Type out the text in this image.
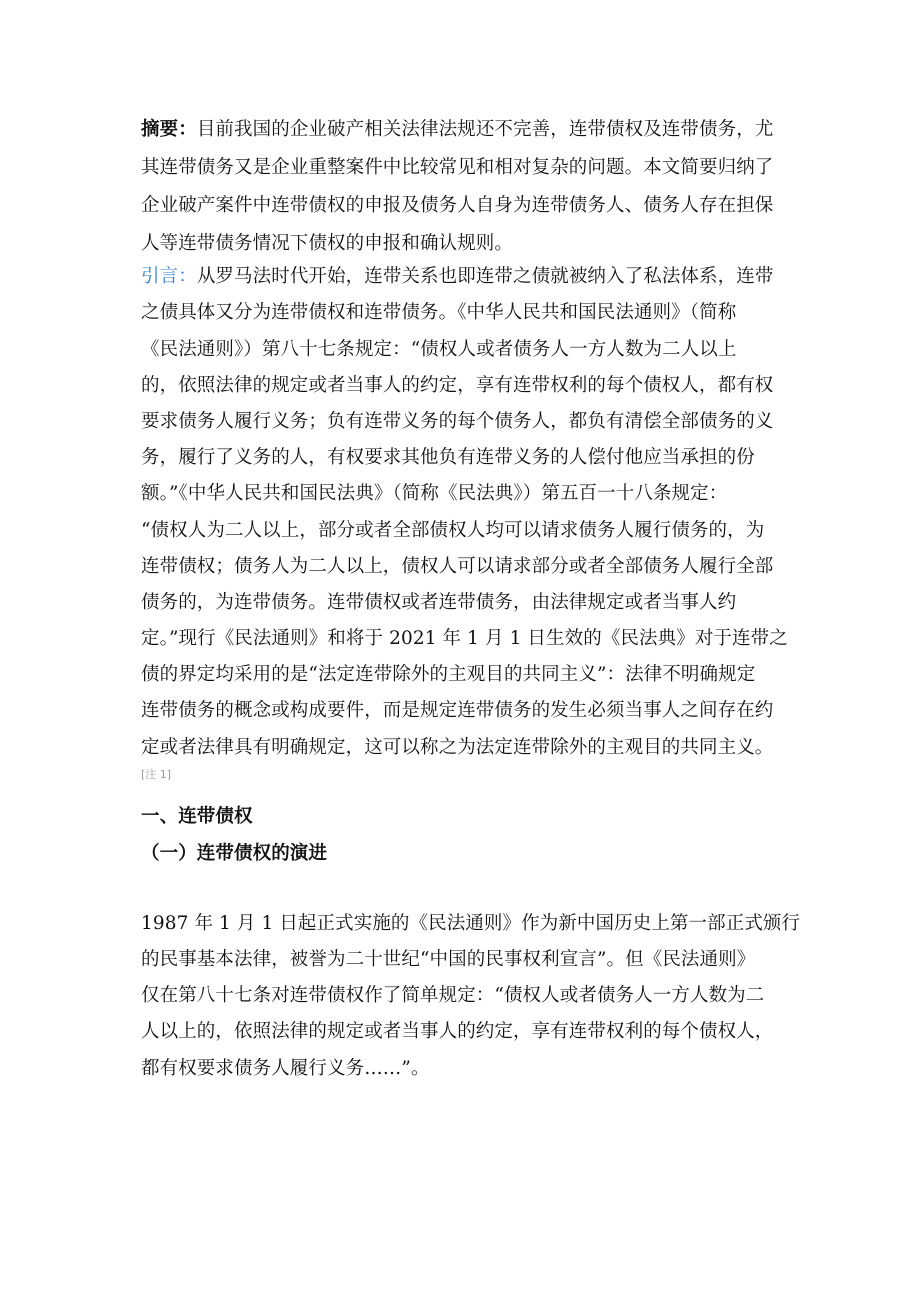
摘要：目前我国的企业破产相关法律法规还不完善，连带债权及连带债务，尤
其连带债务又是企业重整案件中比较常见和相对复杂的问题。本文简要归纳了
企业破产案件中连带债权的申报及债务人自身为连带债务人、债务人存在担保
人等连带债务情况下债权的申报和确认规则。
引言：从罗马法时代开始，连带关系也即连带之债就被纳入了私法体系，连带
之债具体又分为连带债权和连带债务。《中华人民共和国民法通则》（简称
《民法通则》）第八十七条规定：“债权人或者债务人一方人数为二人以上
的，依照法律的规定或者当事人的约定，享有连带权利的每个债权人，都有权
要求债务人履行义务；负有连带义务的每个债务人，都负有清偿全部债务的义
务，履行了义务的人，有权要求其他负有连带义务的人偿付他应当承担的份
额。”《中华人民共和国民法典》（简称《民法典》）第五百一十八条规定：
“债权人为二人以上，部分或者全部债权人均可以请求债务人履行债务的，为
连带债权；债务人为二人以上，债权人可以请求部分或者全部债务人履行全部
债务的，为连带债务。连带债权或者连带债务，由法律规定或者当事人约
定。”现行《民法通则》和将于 2021 年 1 月 1 日生效的《民法典》对于连带之
债的界定均采用的是“法定连带除外的主观目的共同主义”：法律不明确规定
连带债务的概念或构成要件，而是规定连带债务的发生必须当事人之间存在约
定或者法律具有明确规定，这可以称之为法定连带除外的主观目的共同主义。
[注 1]
一、连带债权
（一）连带债权的演进
1987 年 1 月 1 日起正式实施的《民法通则》作为新中国历史上第一部正式颁行
的民事基本法律，被誉为二十世纪“中国的民事权利宣言”。但《民法通则》
仅在第八十七条对连带债权作了简单规定：“债权人或者债务人一方人数为二
人以上的，依照法律的规定或者当事人的约定，享有连带权利的每个债权人，
都有权要求债务人履行义务……”。
